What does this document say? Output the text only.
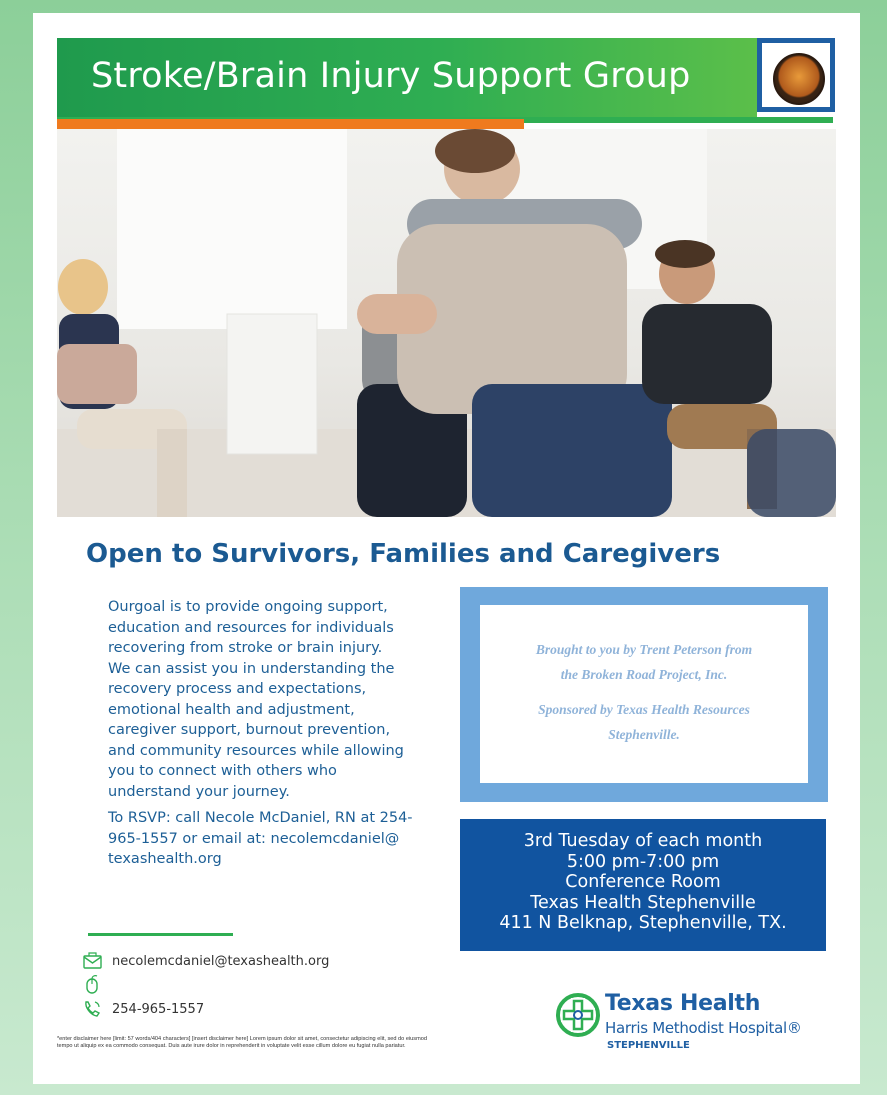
Stroke/Brain Injury Support Group
Open to Survivors, Families and Caregivers

Ourgoal is to provide ongoing support,

education and resources for individuals

recovering from stroke or brain injury.

We can assist you in understanding the

recovery process and expectations,

emotional health and adjustment,

caregiver support, burnout prevention,

and community resources while allowing

you to connect with others who

understand your journey.

To RSVP: call Necole McDaniel, RN at 254-
965-1557 or email at: necolemcdaniel@
texashealth.org
necolemcdaniel@texashealth.org
254-965-1557
*enter disclaimer here [limit: 57 words/404 characters] [insert disclaimer here] Lorem ipsum dolor sit amet, consectetur adipiscing elit, sed do eiusmod tempo ut aliquip ex ea commodo consequat. Duis aute irure dolor in reprehenderit in voluptate velit esse cillum dolore eu fugiat nulla pariatur.
Brought to you by Trent Peterson from
the Broken Road Project, Inc.
Sponsored by Texas Health Resources
Stephenville.
3rd Tuesday of each month
5:00 pm-7:00 pm
Conference Room
Texas Health Stephenville
411 N Belknap, Stephenville, TX.
Texas Health
Harris Methodist Hospital®
STEPHENVILLE
